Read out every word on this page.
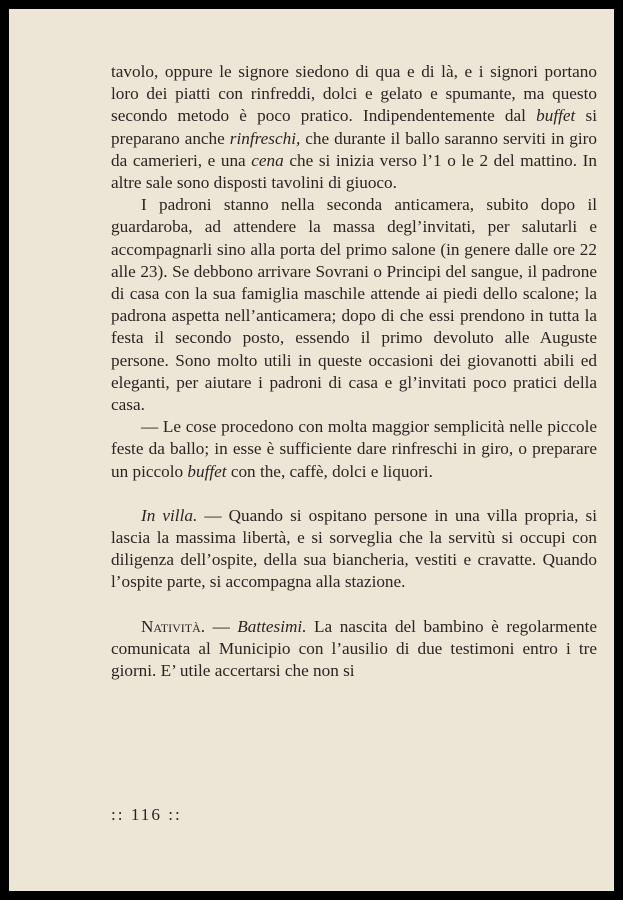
tavolo, oppure le signore siedono di qua e di là, e i signori portano loro dei piatti con rinfreddi, dolci e gelato e spumante, ma questo secondo metodo è poco pratico. Indipendentemente dal buffet si preparano anche rinfreschi, che durante il ballo saranno serviti in giro da camerieri, e una cena che si inizia verso l’1 o le 2 del mattino. In altre sale sono disposti tavolini di giuoco.

I padroni stanno nella seconda anticamera, subito dopo il guardaroba, ad attendere la massa degl’invitati, per salutarli e accompagnarli sino alla porta del primo salone (in genere dalle ore 22 alle 23). Se debbono arrivare Sovrani o Principi del sangue, il padrone di casa con la sua famiglia maschile attende ai piedi dello scalone; la padrona aspetta nell’anticamera; dopo di che essi prendono in tutta la festa il secondo posto, essendo il primo devoluto alle Auguste persone. Sono molto utili in queste occasioni dei giovanotti abili ed eleganti, per aiutare i padroni di casa e gl’invitati poco pratici della casa.

— Le cose procedono con molta maggior semplicità nelle piccole feste da ballo; in esse è sufficiente dare rinfreschi in giro, o preparare un piccolo buffet con the, caffè, dolci e liquori.

In villa. — Quando si ospitano persone in una villa propria, si lascia la massima libertà, e si sorveglia che la servitù si occupi con diligenza dell’ospite, della sua biancheria, vestiti e cravatte. Quando l’ospite parte, si accompagna alla stazione.

Natività. — Battesimi. La nascita del bambino è regolarmente comunicata al Municipio con l’ausilio di due testimoni entro i tre giorni. E’ utile accertarsi che non si

:: 116 ::
